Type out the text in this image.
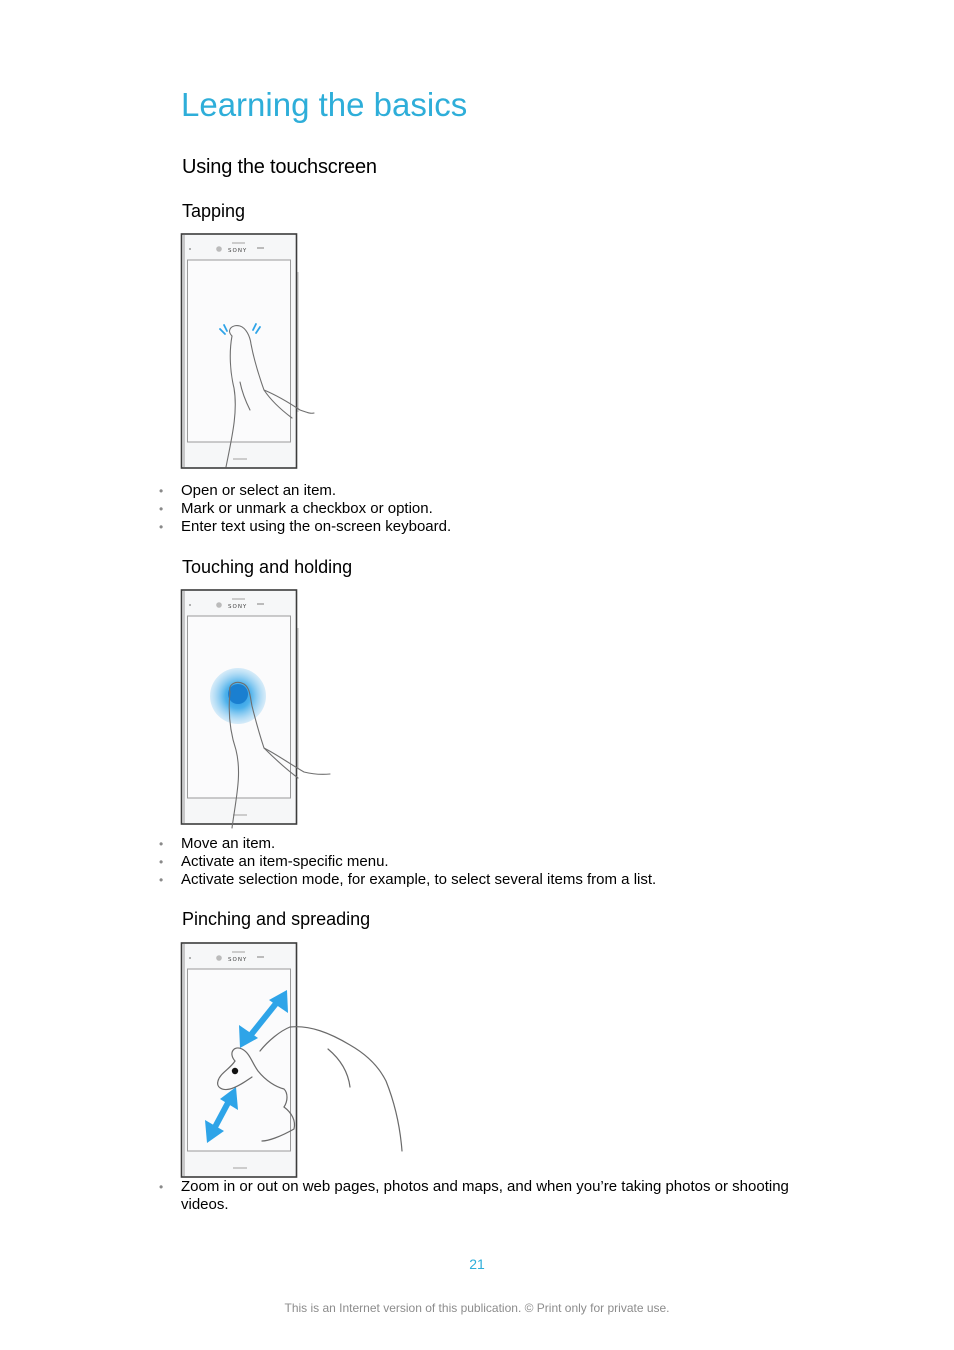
Learning the basics
Using the touchscreen
Tapping
SONY
• Open or select an item.
• Mark or unmark a checkbox or option.
• Enter text using the on-screen keyboard.
Touching and holding
SONY
• Move an item.
• Activate an item-specific menu.
• Activate selection mode, for example, to select several items from a list.
Pinching and spreading
SONY
• Zoom in or out on web pages, photos and maps, and when you’re taking photos or shooting videos.
21
This is an Internet version of this publication. © Print only for private use.
